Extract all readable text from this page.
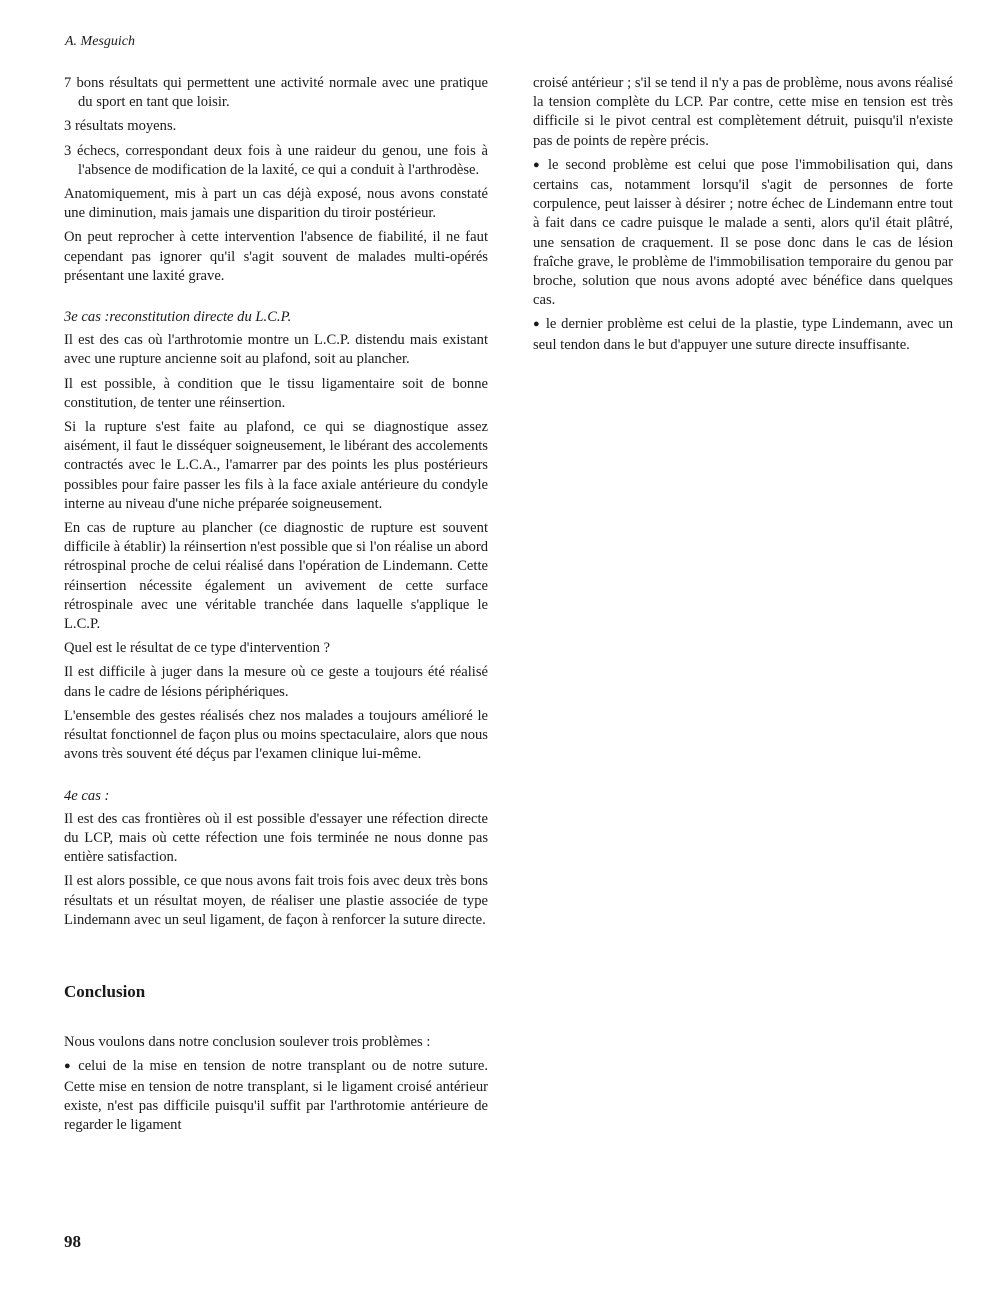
A. Mesguich

7 bons résultats qui permettent une activité normale avec une pratique du sport en tant que loisir.

3 résultats moyens.

3 échecs, correspondant deux fois à une raideur du genou, une fois à l'absence de modification de la laxité, ce qui a conduit à l'arthrodèse.

Anatomiquement, mis à part un cas déjà exposé, nous avons constaté une diminution, mais jamais une disparition du tiroir postérieur.

On peut reprocher à cette intervention l'absence de fiabilité, il ne faut cependant pas ignorer qu'il s'agit souvent de malades multi-opérés présentant une laxité grave.

3e cas :reconstitution directe du L.C.P.

Il est des cas où l'arthrotomie montre un L.C.P. distendu mais existant avec une rupture ancienne soit au plafond, soit au plancher.

Il est possible, à condition que le tissu ligamentaire soit de bonne constitution, de tenter une réinsertion.

Si la rupture s'est faite au plafond, ce qui se diagnostique assez aisément, il faut le disséquer soigneusement, le libérant des accolements contractés avec le L.C.A., l'amarrer par des points les plus postérieurs possibles pour faire passer les fils à la face axiale antérieure du condyle interne au niveau d'une niche préparée soigneusement.

En cas de rupture au plancher (ce diagnostic de rupture est souvent difficile à établir) la réinsertion n'est possible que si l'on réalise un abord rétrospinal proche de celui réalisé dans l'opération de Lindemann. Cette réinsertion nécessite également un avivement de cette surface rétrospinale avec une véritable tranchée dans laquelle s'applique le L.C.P.

Quel est le résultat de ce type d'intervention ?

Il est difficile à juger dans la mesure où ce geste a toujours été réalisé dans le cadre de lésions périphériques.

L'ensemble des gestes réalisés chez nos malades a toujours amélioré le résultat fonctionnel de façon plus ou moins spectaculaire, alors que nous avons très souvent été déçus par l'examen clinique lui-même.

4e cas :

Il est des cas frontières où il est possible d'essayer une réfection directe du LCP, mais où cette réfection une fois terminée ne nous donne pas entière satisfaction.

Il est alors possible, ce que nous avons fait trois fois avec deux très bons résultats et un résultat moyen, de réaliser une plastie associée de type Lindemann avec un seul ligament, de façon à renforcer la suture directe.

Conclusion

Nous voulons dans notre conclusion soulever trois problèmes :

● celui de la mise en tension de notre transplant ou de notre suture. Cette mise en tension de notre transplant, si le ligament croisé antérieur existe, n'est pas difficile puisqu'il suffit par l'arthrotomie antérieure de regarder le ligament

croisé antérieur ; s'il se tend il n'y a pas de problème, nous avons réalisé la tension complète du LCP. Par contre, cette mise en tension est très difficile si le pivot central est complètement détruit, puisqu'il n'existe pas de points de repère précis.

● le second problème est celui que pose l'immobilisation qui, dans certains cas, notamment lorsqu'il s'agit de personnes de forte corpulence, peut laisser à désirer ; notre échec de Lindemann entre tout à fait dans ce cadre puisque le malade a senti, alors qu'il était plâtré, une sensation de craquement. Il se pose donc dans le cas de lésion fraîche grave, le problème de l'immobilisation temporaire du genou par broche, solution que nous avons adopté avec bénéfice dans quelques cas.

● le dernier problème est celui de la plastie, type Lindemann, avec un seul tendon dans le but d'appuyer une suture directe insuffisante.

98
